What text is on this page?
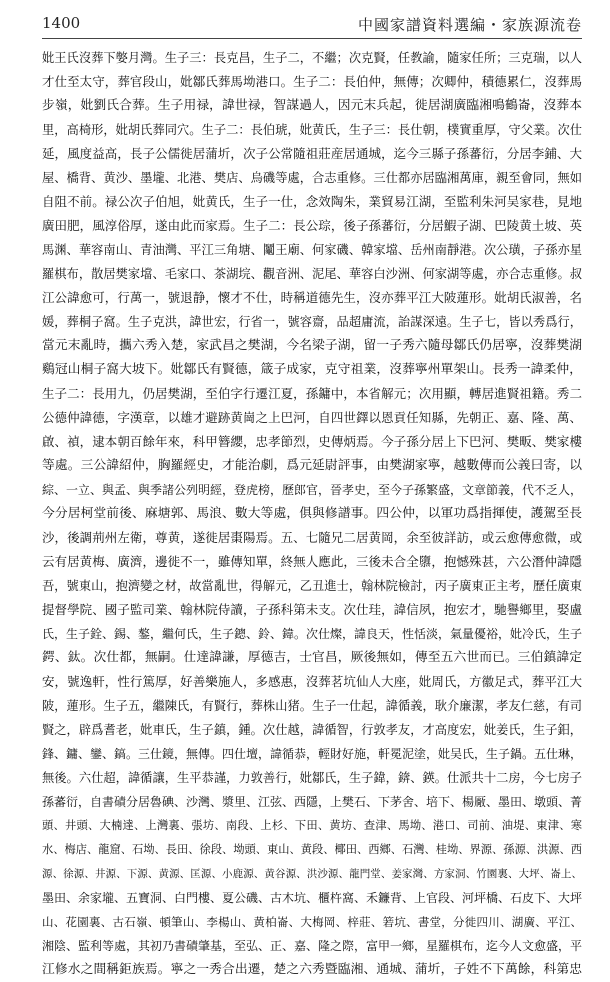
1400	中國家譜資料選編・家族源流卷
妣王氏沒葬下嫳月灣。生子三：長克昌，生子二，不繼；次克賢，任教諭，隨家任所；三克瑞，以人
才仕至太守，葬官段山，妣鄒氏葬馬坳港口。生子二：長伯仲，無傳；次卿仲，積德累仁，沒葬馬
步嶺，妣劉氏合葬。生子用禄，諱世禄，智謀過人，因元末兵起，徙居湖廣臨湘鳴鶴崙，沒葬本
里，高椅形，妣胡氏葬同穴。生子二：長伯琥，妣黄氏，生子三：長仕朝，樸實重厚，守父業。次仕
延，風度益高，長子公儒徙居蒲圻，次子公常隨祖莊産居通城，迄今三縣子孫蕃衍，分居李鋪、大
屋、橋背、黄沙、墨壠、北港、樊店、烏磯等處，合志重修。三仕都亦居臨湘萬庫，親至會同，無如
自阻不前。禄公次子伯旭，妣黄氏，生子一仕，念效陶朱，業貿易江湖，至監利朱河吴家巷，見地
廣田肥，風淳俗厚，遂由此而家焉。生子二：長公琮，後子孫蕃衍，分居鰕子湖、巴陵黄土坡、英
馬渊、華容南山、青油灣、平江三角塘、鬮王廟、何家磯、韓家壋、岳州南靜港。次公璜，子孫亦星
羅棋布，散居樊家壋、毛家口、茶湖垸、觀音洲、泥尾、華容白沙洲、何家湖等處，亦合志重修。叔
江公諱愈可，行萬一，號退静，懷才不仕，時稱道德先生，沒亦葬平江大陂蓮形。妣胡氏淑善，名
媛，葬桐子窩。生子克洪，諱世宏，行省一，號容齋，品超庸流，詒謀深遠。生子七，皆以秀爲行，
當元末亂時，攜六秀入楚，家武昌之樊湖，今名梁子湖，留一子秀六隨母鄒氏仍居寧，沒葬樊湖
鷄冠山桐子窩大坡下。妣鄒氏有賢德，箴子成家，克守祖業，沒葬寧州單架山。長秀一諱柔仲，
生子二：長用九，仍居樊湖，至伯字行遷江夏，孫鏞中，本省解元；次用顯，轉居進賢祖籍。秀二
公德仲諱德，字漢章，以雄才避跡黄崗之上巴河，自四世鐸以恩貢任知縣，先朝正、嘉、隆、萬、
啟、禎，逮本朝百餘年來，科甲簪纓，忠孝節烈，史傳炳焉。今子孫分居上下巴河、樊畈、樊家樓
等處。三公諱紹仲，胸羅經史，才能治劇，爲元延尉評事，由樊湖家寧，越數傳而公義曰寄，以
綜、一立、與孟、與季諸公列明經，登虎榜，歷郎官，晉孝史，至今子孫繁盛，文章節義，代不乏人，
今分居柯堂前後、麻塘郭、馬浪、數大等處，俱與修譜事。四公仲，以軍功爲指揮使，護駕至長
沙，後調荊州左衛，尊黄，遂徙居棗陽焉。五、七隨兄二居黄岡，余至彼詳訪，或云愈傳愈微，或
云有居黄梅、廣濟，邊徙不一，雖傳知單，終無人應此，三後未合全隳，抱憾殊甚，六公潛仲諱隱
吾，號東山，抱濟變之材，故當亂世，得解元，乙丑進士，翰林院檢討，丙子廣東正主考，歷任廣東
提督學院、國子監司業、翰林院侍讀，子孫科第未支。次仕珪，諱信夙，抱宏才，馳譽鄉里，娶盧
氏，生子銓、錫、鏊，繼何氏，生子鏓、鈴、鍏。次仕燦，諱良天，性恬淡，氣量優裕，妣冷氏，生子
鍔、鈦。次仕都，無嗣。仕達諱謙，厚德吉，士官昌，厥後無如，傳至五六世而已。三伯鎮諱定
安，號逸軒，性行篤厚，好善樂施人，多感惠，沒葬茗坑仙人大座，妣周氏，方徽足式，葬平江大
陂，蓮形。生子五，繼陳氏，有賢行，葬株山猪。生子一仕起，諱循義，耿介廉潔，孝友仁慈，有司
賢之，辟爲耆老，妣車氏，生子鎮，鍾。次仕越，諱循智，行敦孝友，才高度宏，妣姜氏，生子鈤，
鋒、鏞、鑾、鎬。三仕鏡，無傳。四仕壇，諱循恭，輕財好施，軒冕泥塗，妣吴氏，生子鍋。五仕琳，
無後。六仕超，諱循讓，生平恭謹，力敦善行，妣鄒氏，生子鍏，錛、鍈。仕派共十二房，今七房子
孫蕃衍，自書磧分居魯碘、沙灣、漿里、江弦、西隱，上樊石、下茅舍、培下、楊厰、墨田、墩頭、菁
頭、井頭、大楠達、上灣裏、張坊、南段、上杉、下田、黄坊、查津、馬坳、港口、司前、油堤、東津、寒
水、梅店、龍窟、石坳、長田、徐段、坳頭、東山、黄段、椰田、西鄉、石灣、桂坳、界源、孫源、洪源、西
源、徐源、井源、下源、黄源、匡源、小鹿源、黄谷源、洪沙源、龍門堂、姜家灣、方家洞、竹園裏、大坪、崙上、
墨田、余家壠、五寶洞、白門樓、夏公磯、古木坑、櫃杵窩、禾鐮背、上官段、河坪橋、石皮下、大坪
山、花園裏、古石嶺、頓筆山、李楊山、黄柏崙、大梅岡、梓莊、箬坑、書堂，分徙四川、湖廣、平江、
湘陰、監利等處，其初乃書磧肇基，至弘、正、嘉、隆之際，富甲一鄉，星羅棋布，迄今人文愈盛，平
江修水之間稱鉅族焉。寧之一秀合出遷，楚之六秀暨臨湘、通城、蒲圻，子姓不下萬餘，科第忠
